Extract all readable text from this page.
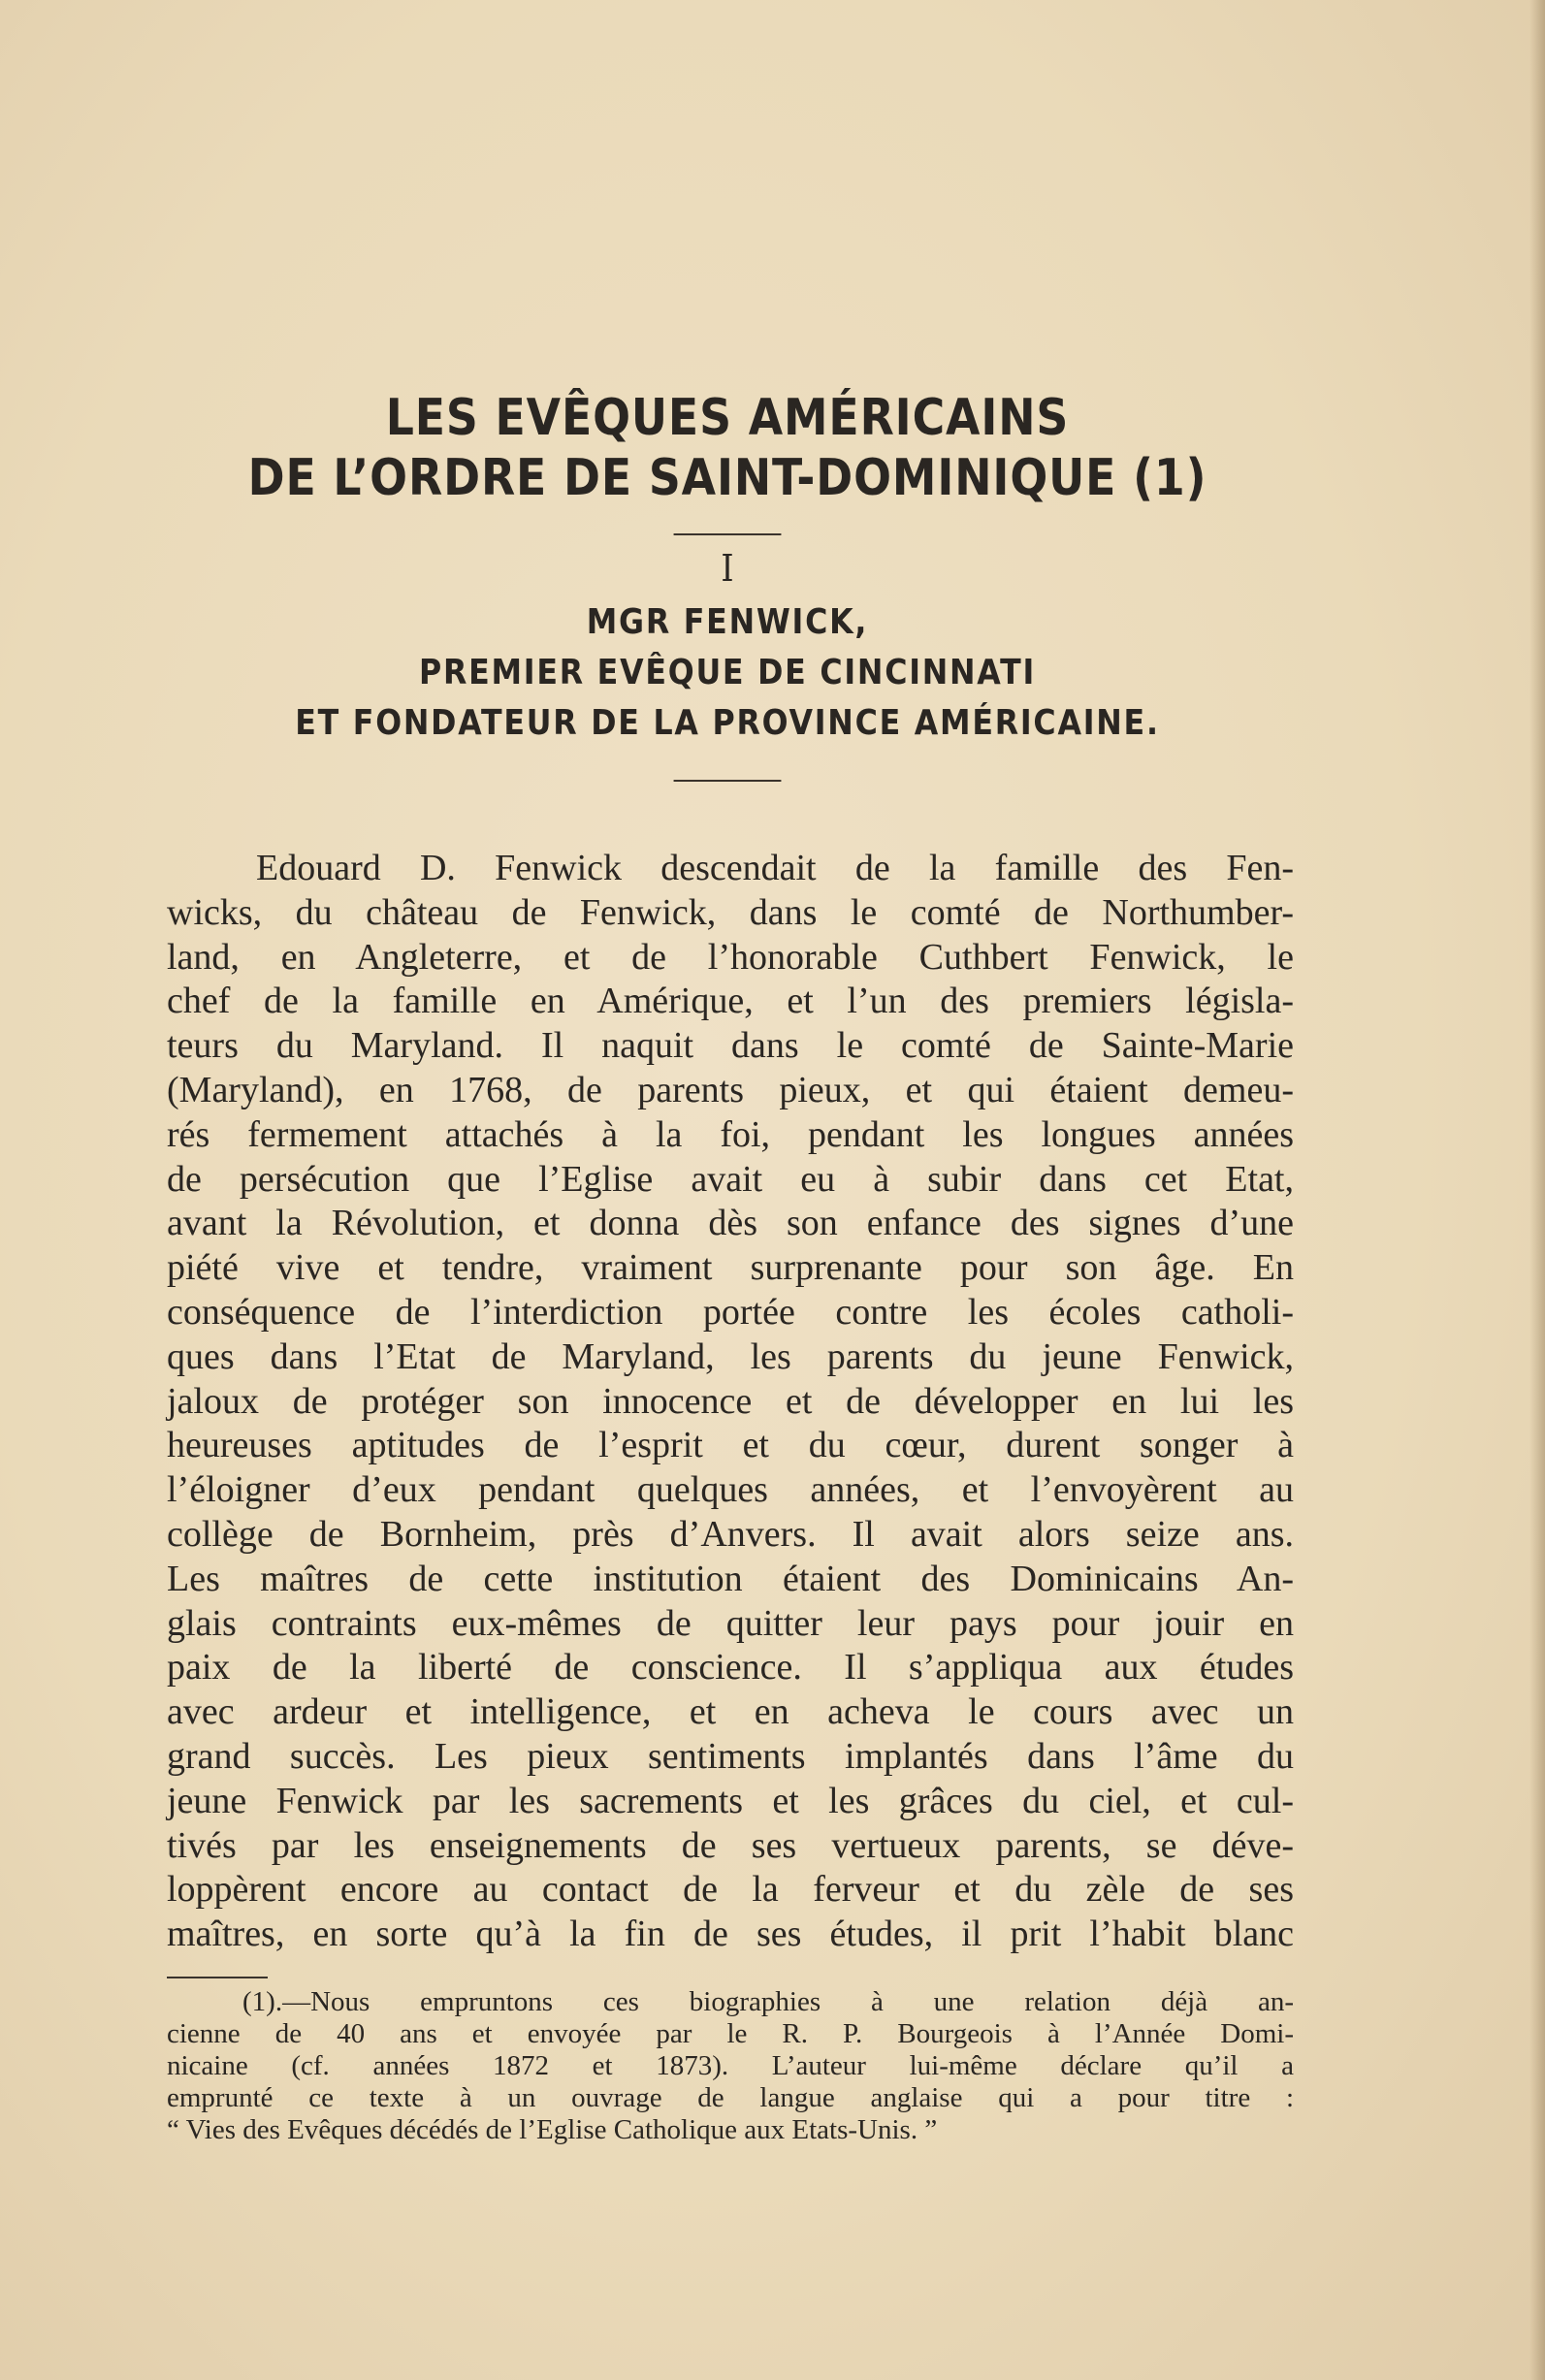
LES EVÊQUES AMÉRICAINS
DE L’ORDRE DE SAINT-DOMINIQUE (1)
I
MGR FENWICK,
PREMIER EVÊQUE DE CINCINNATI
ET FONDATEUR DE LA PROVINCE AMÉRICAINE.
Edouard D. Fenwick descendait de la famille des Fen-
wicks, du château de Fenwick, dans le comté de Northumber-
land, en Angleterre, et de l’honorable Cuthbert Fenwick, le
chef de la famille en Amérique, et l’un des premiers législa-
teurs du Maryland. Il naquit dans le comté de Sainte-Marie
(Maryland), en 1768, de parents pieux, et qui étaient demeu-
rés fermement attachés à la foi, pendant les longues années
de persécution que l’Eglise avait eu à subir dans cet Etat,
avant la Révolution, et donna dès son enfance des signes d’une
piété vive et tendre, vraiment surprenante pour son âge. En
conséquence de l’interdiction portée contre les écoles catholi-
ques dans l’Etat de Maryland, les parents du jeune Fenwick,
jaloux de protéger son innocence et de développer en lui les
heureuses aptitudes de l’esprit et du cœur, durent songer à
l’éloigner d’eux pendant quelques années, et l’envoyèrent au
collège de Bornheim, près d’Anvers. Il avait alors seize ans.
Les maîtres de cette institution étaient des Dominicains An-
glais contraints eux-mêmes de quitter leur pays pour jouir en
paix de la liberté de conscience. Il s’appliqua aux études
avec ardeur et intelligence, et en acheva le cours avec un
grand succès. Les pieux sentiments implantés dans l’âme du
jeune Fenwick par les sacrements et les grâces du ciel, et cul-
tivés par les enseignements de ses vertueux parents, se déve-
loppèrent encore au contact de la ferveur et du zèle de ses
maîtres, en sorte qu’à la fin de ses études, il prit l’habit blanc
(1).—Nous empruntons ces biographies à une relation déjà an-
cienne de 40 ans et envoyée par le R. P. Bourgeois à l’Année Domi-
nicaine (cf. années 1872 et 1873). L’auteur lui-même déclare qu’il a
emprunté ce texte à un ouvrage de langue anglaise qui a pour titre :
“ Vies des Evêques décédés de l’Eglise Catholique aux Etats-Unis. ”
